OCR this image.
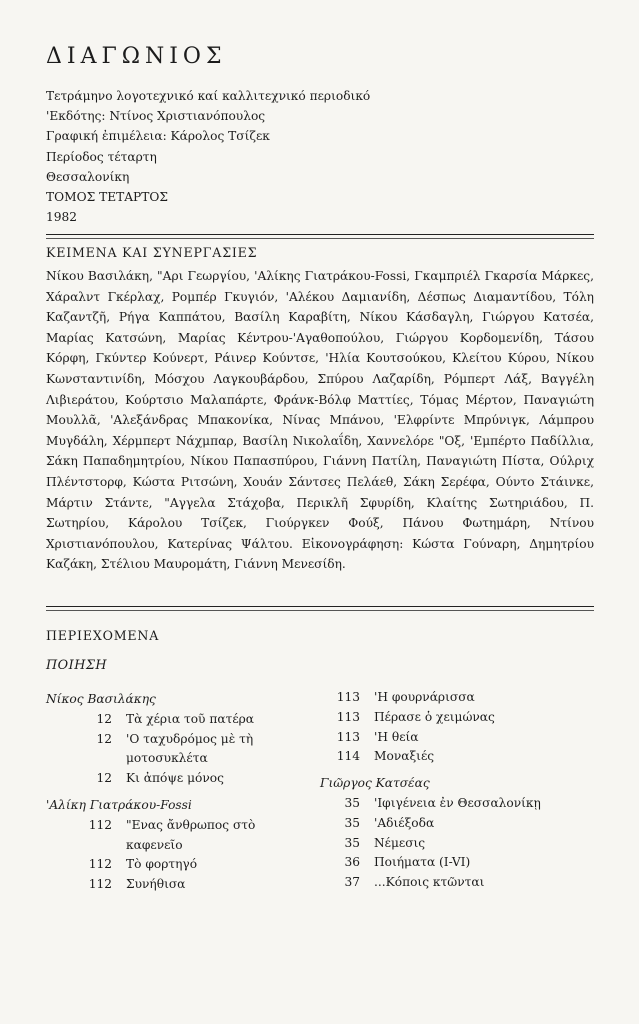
ΔΙΑΓΩΝΙΟΣ
Τετράμηνο λογοτεχνικό καί καλλιτεχνικό περιοδικό
'Εκδότης: Ντίνος Χριστιανόπουλος
Γραφική ἐπιμέλεια: Κάρολος Τσίζεκ
Περίοδος τέταρτη
Θεσσαλονίκη
ΤΟΜΟΣ ΤΕΤΑΡΤΟΣ
1982
ΚΕΙΜΕΝΑ ΚΑΙ ΣΥΝΕΡΓΑΣΙΕΣ
Νίκου Βασιλάκη, "Αρι Γεωργίου, 'Αλίκης Γιατράκου-Fossi, Γκαμπριέλ Γκαρσία Μάρκες, Χάραλντ Γκέρλαχ, Ρομπέρ Γκυγιόν, 'Αλέκου Δαμιανίδη, Δέσπως Διαμαντίδου, Τόλη Καζαντζῆ, Ρήγα Καππάτου, Βασίλη Καραβίτη, Νίκου Κάσδαγλη, Γιώργου Κατσέα, Μαρίας Κατσώνη, Μαρίας Κέντρου-'Αγαθοπούλου, Γιώργου Κορδομενίδη, Τάσου Κόρφη, Γκύντερ Κούνερτ, Ράινερ Κούντσε, 'Ηλία Κουτσούκου, Κλείτου Κύρου, Νίκου Κωνσταντινίδη, Μόσχου Λαγκουβάρδου, Σπύρου Λαζαρίδη, Ρόμπερτ Λάξ, Βαγγέλη Λιβιεράτου, Κούρτσιο Μαλαπάρτε, Φράνκ-Βόλφ Ματτίες, Τόμας Μέρτον, Παναγιώτη Μουλλᾶ, 'Αλεξάνδρας Μπακονίκα, Νίνας Μπάνου, 'Ελφρίντε Μπρύνιγκ, Λάμπρου Μυγδάλη, Χέρμπερτ Νάχμπαρ, Βασίλη Νικολαΐδη, Χαννελόρε "Οξ, 'Εμπέρτο Παδίλλια, Σάκη Παπαδημητρίου, Νίκου Παπασπύρου, Γιάννη Πατίλη, Παναγιώτη Πίστα, Ούλριχ Πλέντστορφ, Κώστα Ριτσώνη, Χουάν Σάντσες Πελάεθ, Σάκη Σερέφα, Ούντο Στάινκε, Μάρτιν Στάντε, "Αγγελα Στάχοβα, Περικλῆ Σφυρίδη, Κλαίτης Σωτηριάδου, Π. Σωτηρίου, Κάρολου Τσίζεκ, Γιούργκεν Φούξ, Πάνου Φωτημάρη, Ντίνου Χριστιανόπουλου, Κατερίνας Ψάλτου. Εἰκονογράφηση: Κώστα Γούναρη, Δημητρίου Καζάκη, Στέλιου Μαυρομάτη, Γιάννη Μενεσίδη.
ΠΕΡΙΕΧΟΜΕΝΑ
ΠΟΙΗΣΗ
Νίκος Βασιλάκης
12	Τὰ χέρια τοῦ πατέρα
12	'Ο ταχυδρόμος μὲ τὴ
μοτοσυκλέτα
12	Κι ἀπόψε μόνος
'Αλίκη Γιατράκου-Fossi
112	"Ενας ἄνθρωπος στὸ
καφενεῖο
112	Τὸ φορτηγό
112	Συνήθισα
113	'Η φουρνάρισσα
113	Πέρασε ὁ χειμώνας
113	'Η θεία
114	Μοναξιές
Γιῶργος Κατσέας
35	'Ιφιγένεια ἐν Θεσσαλονίκῃ
35	'Αδιέξοδα
35	Νέμεσις
36	Ποιήματα (I-VI)
37	...Κόποις κτῶνται
